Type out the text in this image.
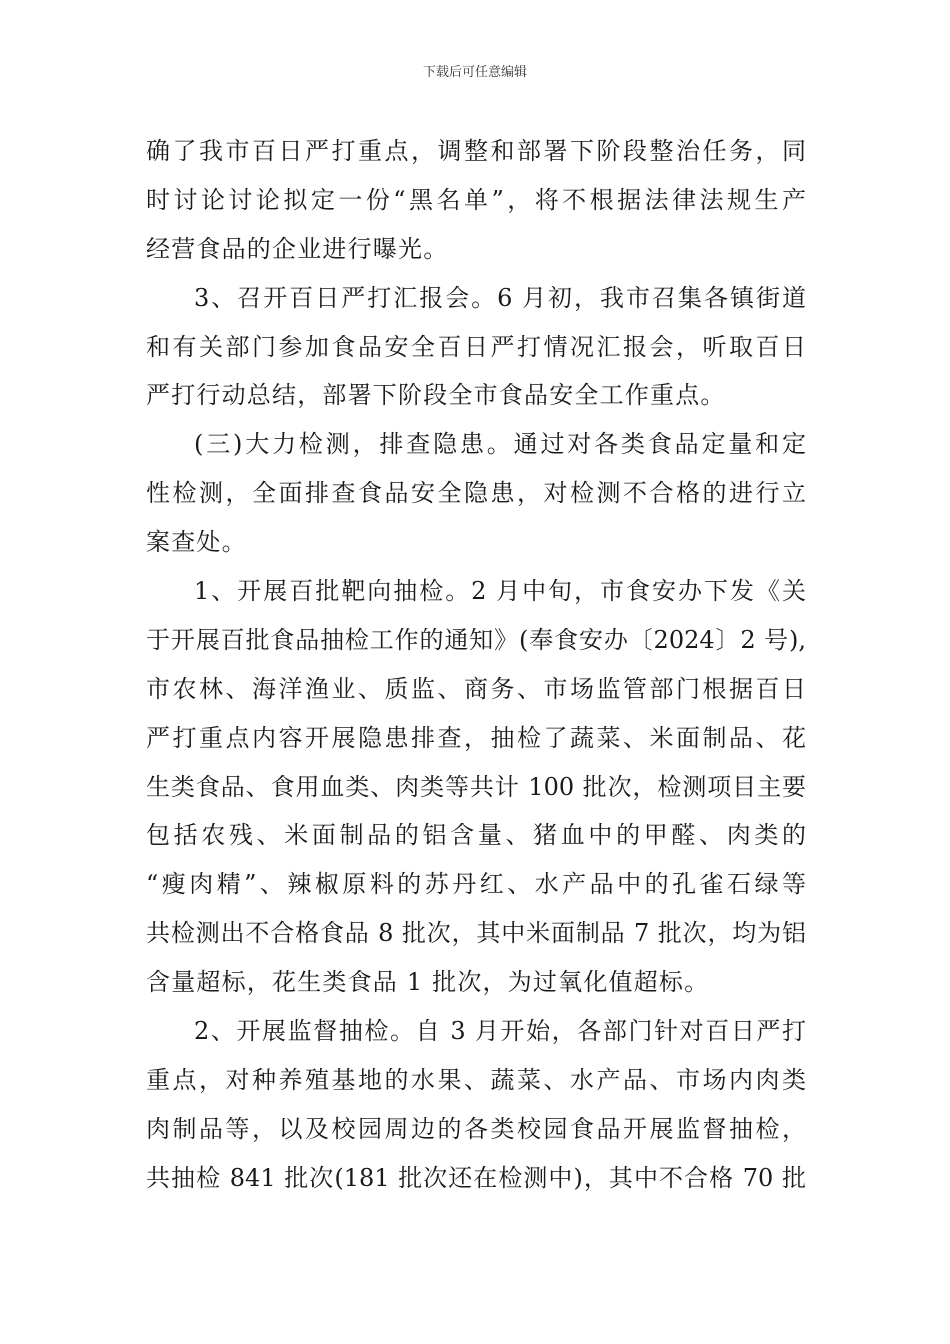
下载后可任意编辑
确了我市百日严打重点，调整和部署下阶段整治任务，同
时讨论讨论拟定一份“黑名单”，将不根据法律法规生产
经营食品的企业进行曝光。
3、召开百日严打汇报会。6 月初，我市召集各镇街道
和有关部门参加食品安全百日严打情况汇报会，听取百日
严打行动总结，部署下阶段全市食品安全工作重点。
(三)大力检测，排查隐患。通过对各类食品定量和定
性检测，全面排查食品安全隐患，对检测不合格的进行立
案查处。
1、开展百批靶向抽检。2 月中旬，市食安办下发《关
于开展百批食品抽检工作的通知》(奉食安办〔2024〕2 号),
市农林、海洋渔业、质监、商务、市场监管部门根据百日
严打重点内容开展隐患排查，抽检了蔬菜、米面制品、花
生类食品、食用血类、肉类等共计 100 批次，检测项目主要
包括农残、米面制品的铝含量、猪血中的甲醛、肉类的
“瘦肉精”、辣椒原料的苏丹红、水产品中的孔雀石绿等
共检测出不合格食品 8 批次，其中米面制品 7 批次，均为铝
含量超标，花生类食品 1 批次，为过氧化值超标。
2、开展监督抽检。自 3 月开始，各部门针对百日严打
重点，对种养殖基地的水果、蔬菜、水产品、市场内肉类
肉制品等，以及校园周边的各类校园食品开展监督抽检，
共抽检 841 批次(181 批次还在检测中)，其中不合格 70 批
